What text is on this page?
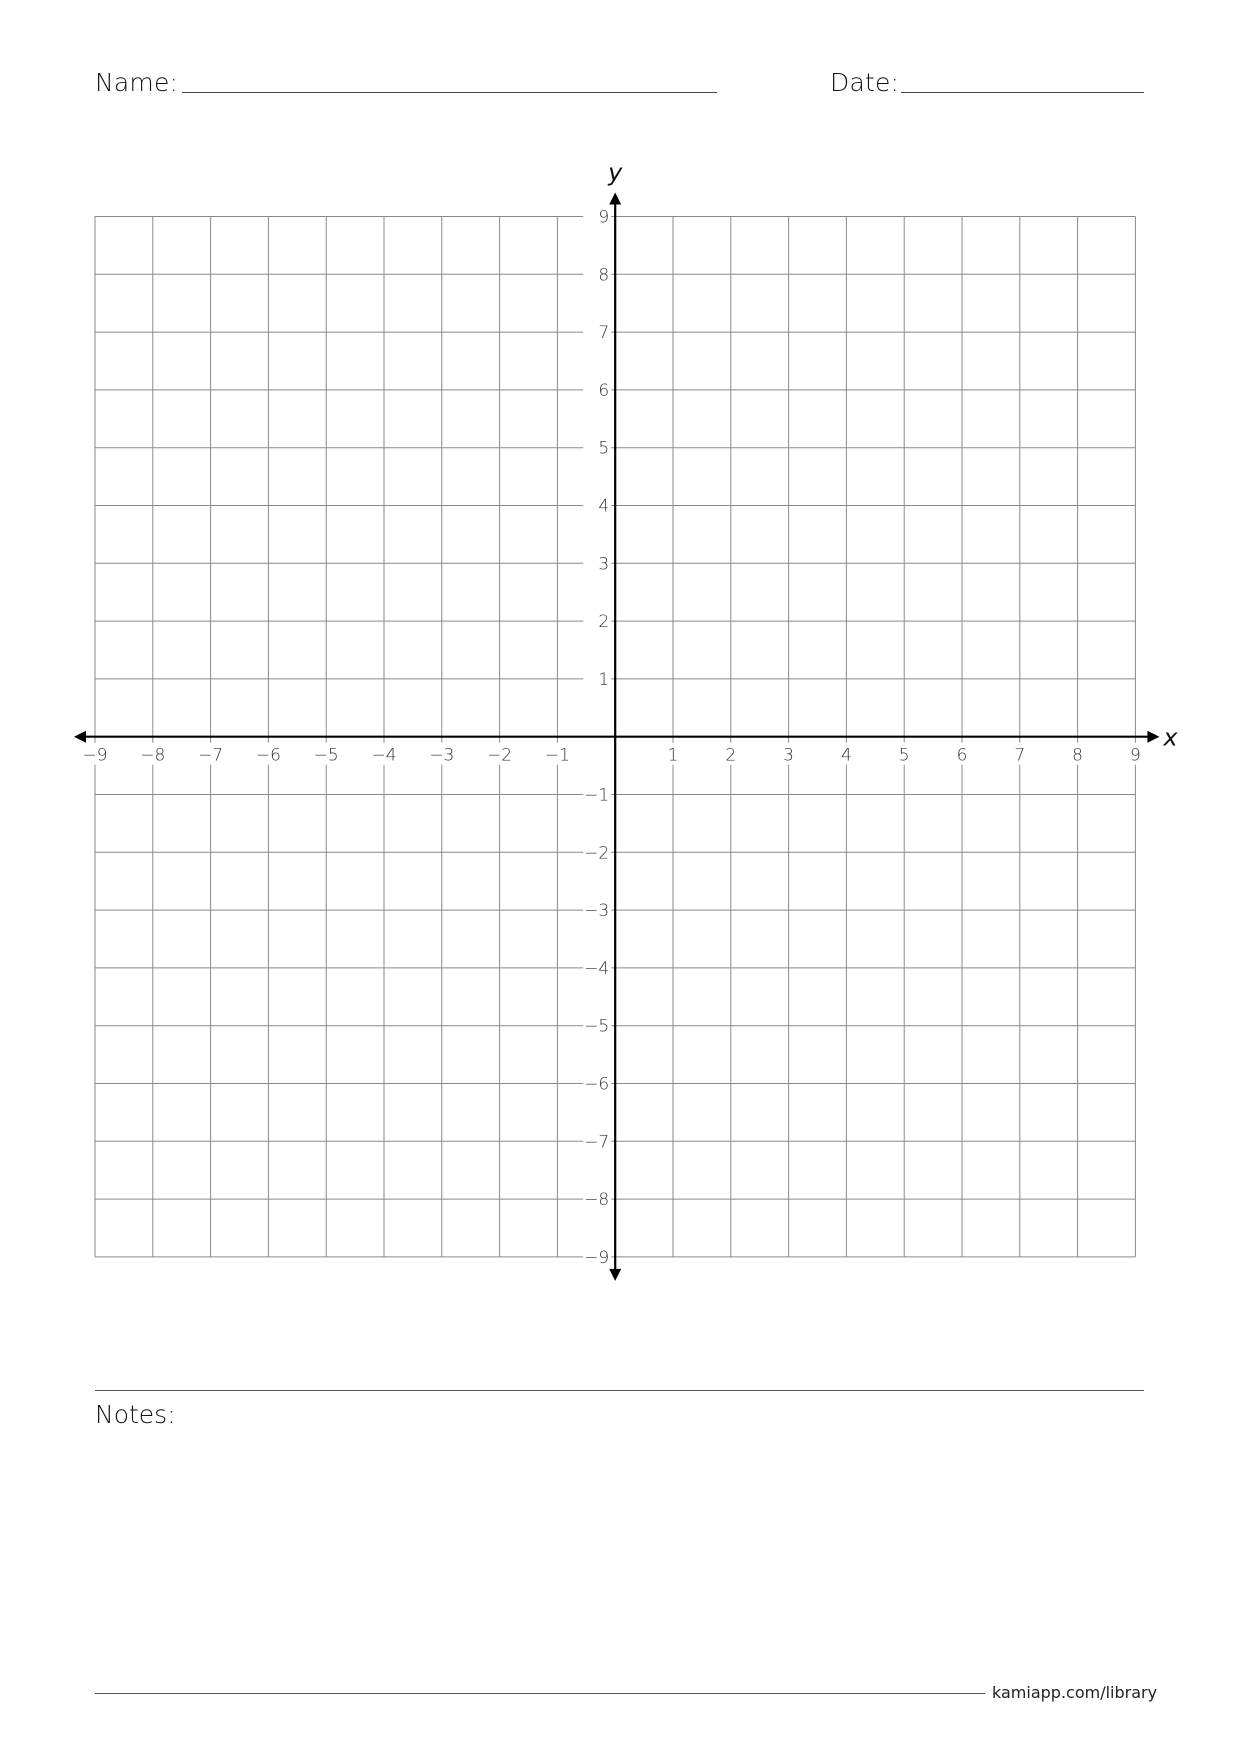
Name:	Date:
−9 −8 −7 −6 −5 −4 −3 −2 −1	1	2	3	4	5	6	7	8	9
9
8
7
6
5
4
3
2
1
−1
−2
−3
−4
−5
−6
−7
−8
−9
x
y
Notes:
kamiapp.com/library
